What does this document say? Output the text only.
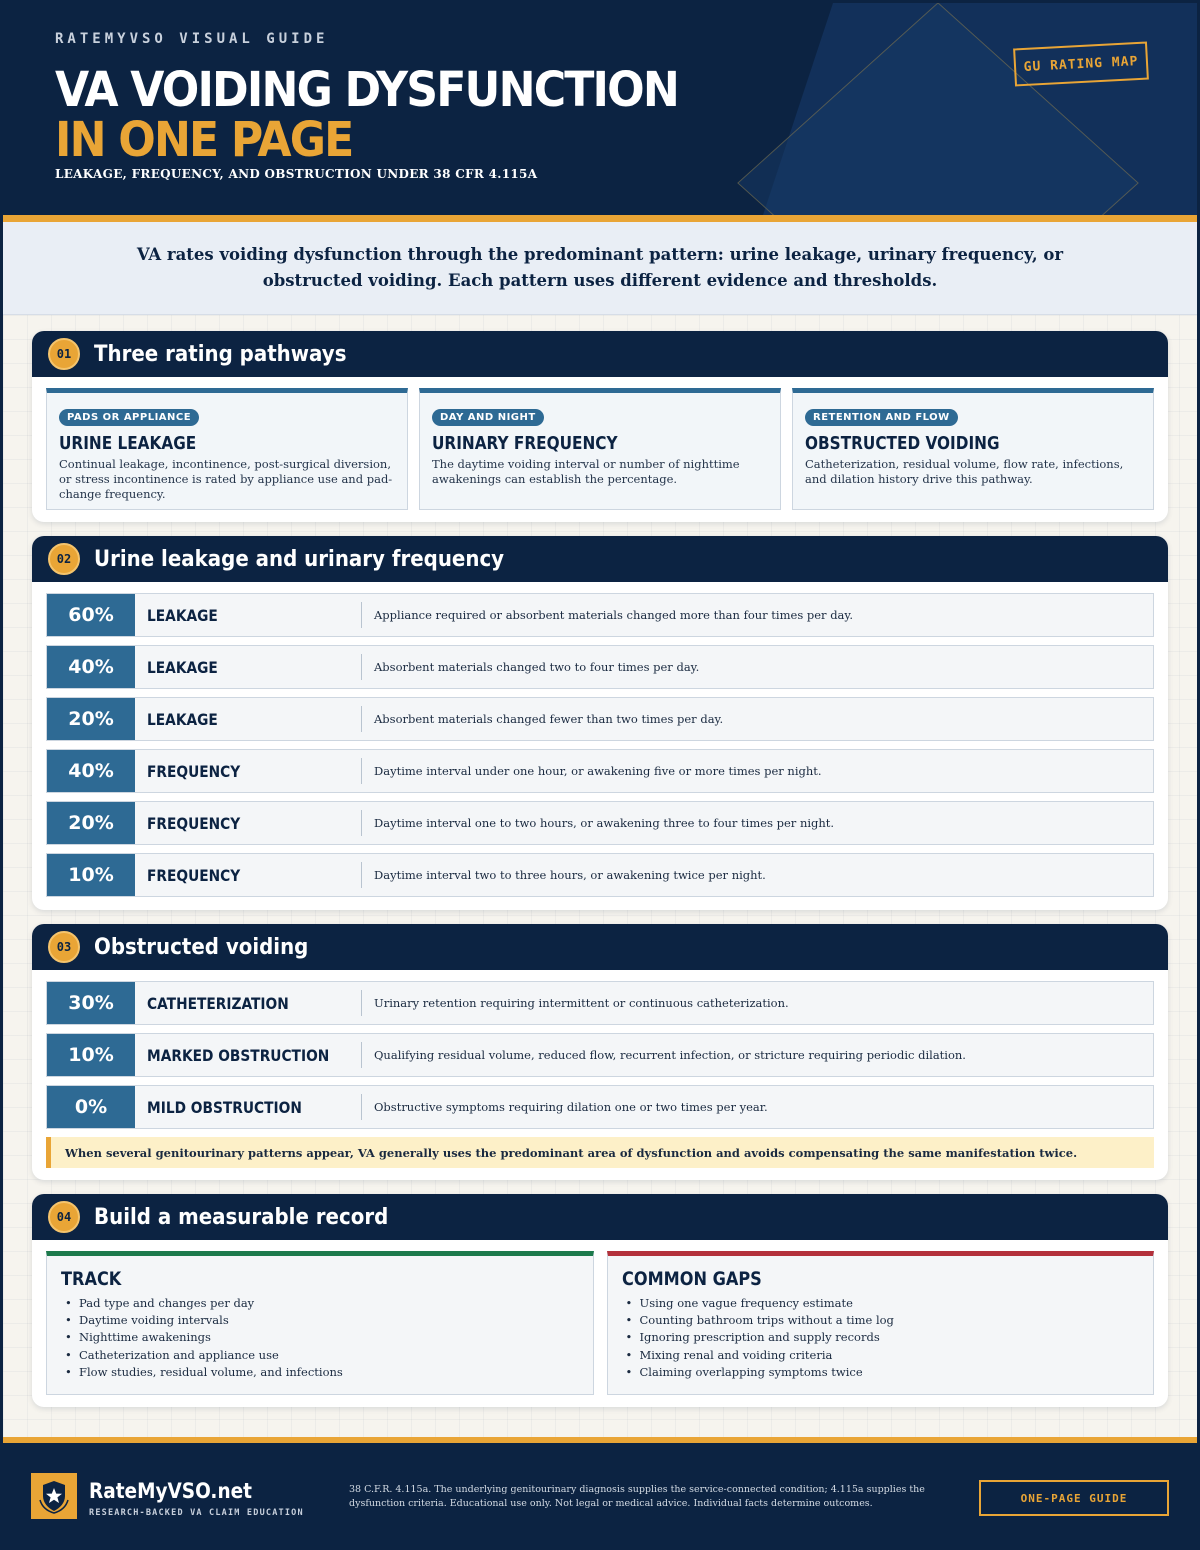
RATEMYVSO VISUAL GUIDE
VA VOIDING DYSFUNCTION
IN ONE PAGE
LEAKAGE, FREQUENCY, AND OBSTRUCTION UNDER 38 CFR 4.115A
GU RATING MAP
VA rates voiding dysfunction through the predominant pattern: urine leakage, urinary frequency, or obstructed voiding. Each pattern uses different evidence and thresholds.
01	Three rating pathways
PADS OR APPLIANCE
URINE LEAKAGE
Continual leakage, incontinence, post-surgical diversion, or stress incontinence is rated by appliance use and pad-change frequency.
DAY AND NIGHT
URINARY FREQUENCY
The daytime voiding interval or number of nighttime awakenings can establish the percentage.
RETENTION AND FLOW
OBSTRUCTED VOIDING
Catheterization, residual volume, flow rate, infections, and dilation history drive this pathway.
02	Urine leakage and urinary frequency
60%	LEAKAGE	Appliance required or absorbent materials changed more than four times per day.
40%	LEAKAGE	Absorbent materials changed two to four times per day.
20%	LEAKAGE	Absorbent materials changed fewer than two times per day.
40%	FREQUENCY	Daytime interval under one hour, or awakening five or more times per night.
20%	FREQUENCY	Daytime interval one to two hours, or awakening three to four times per night.
10%	FREQUENCY	Daytime interval two to three hours, or awakening twice per night.
03	Obstructed voiding
30%	CATHETERIZATION	Urinary retention requiring intermittent or continuous catheterization.
10%	MARKED OBSTRUCTION	Qualifying residual volume, reduced flow, recurrent infection, or stricture requiring periodic dilation.
0%	MILD OBSTRUCTION	Obstructive symptoms requiring dilation one or two times per year.
When several genitourinary patterns appear, VA generally uses the predominant area of dysfunction and avoids compensating the same manifestation twice.
04	Build a measurable record
TRACK
• Pad type and changes per day
• Daytime voiding intervals
• Nighttime awakenings
• Catheterization and appliance use
• Flow studies, residual volume, and infections
COMMON GAPS
• Using one vague frequency estimate
• Counting bathroom trips without a time log
• Ignoring prescription and supply records
• Mixing renal and voiding criteria
• Claiming overlapping symptoms twice
RateMyVSO.net
RESEARCH-BACKED VA CLAIM EDUCATION
38 C.F.R. 4.115a. The underlying genitourinary diagnosis supplies the service-connected condition; 4.115a supplies the dysfunction criteria. Educational use only. Not legal or medical advice. Individual facts determine outcomes.	ONE-PAGE GUIDE
